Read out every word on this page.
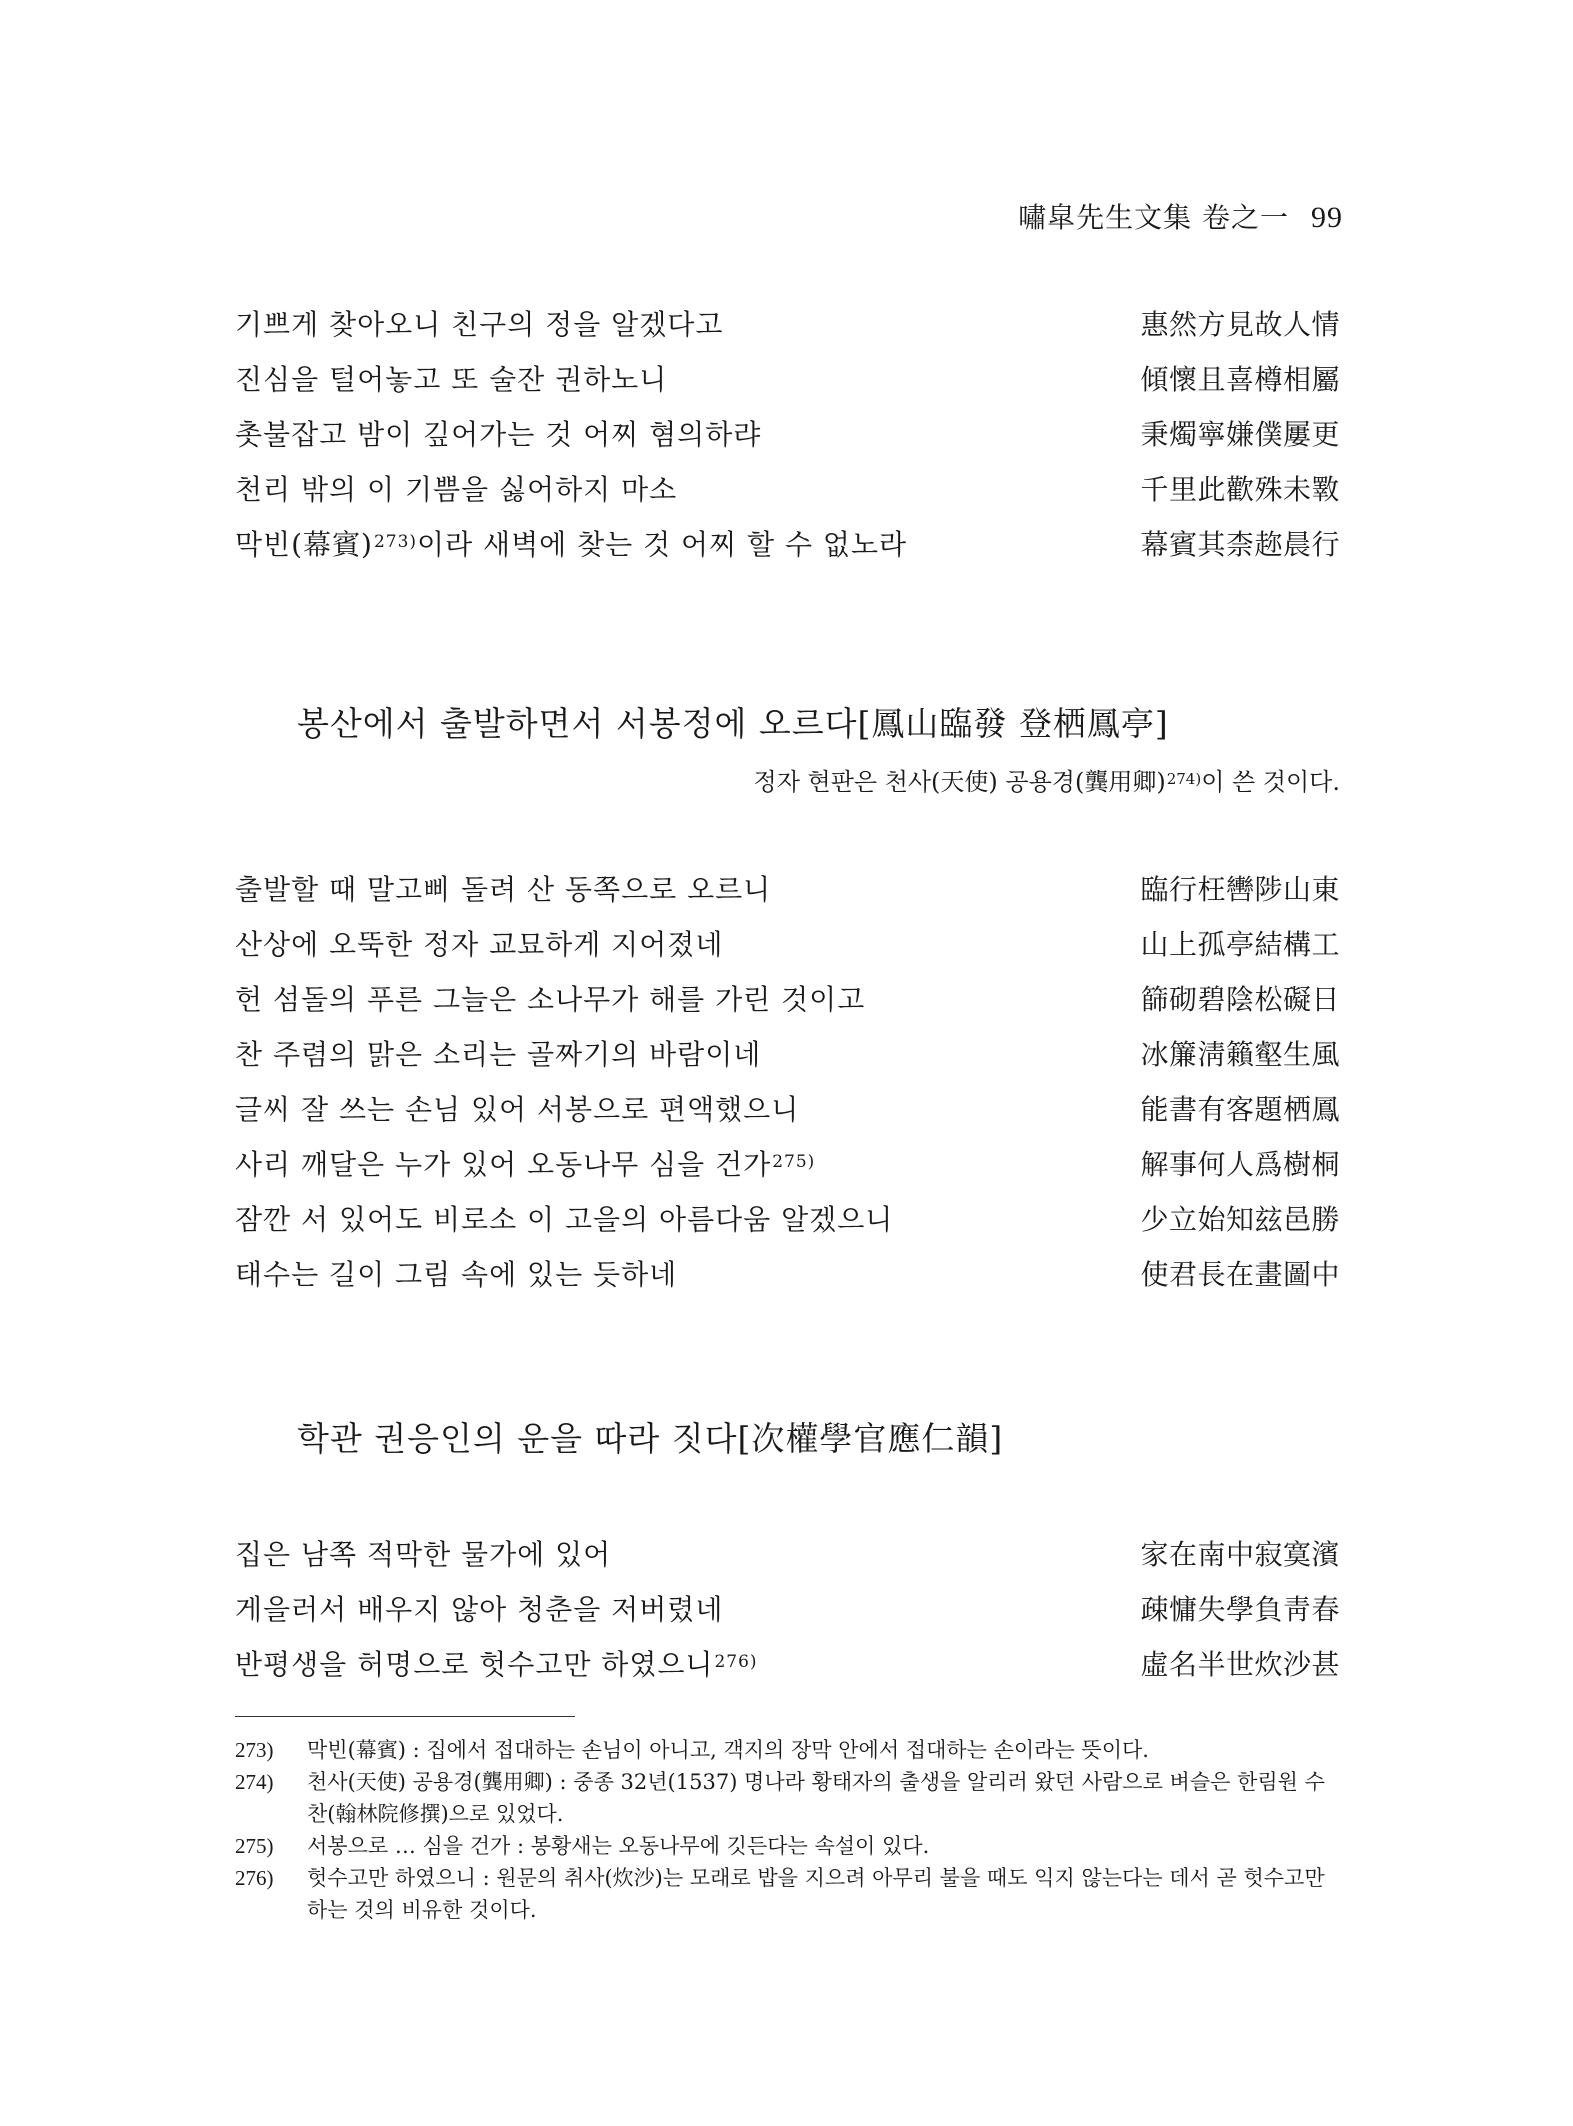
嘯皐先生文集 卷之一 99
기쁘게 찾아오니 친구의 정을 알겠다고	惠然方見故人情
진심을 털어놓고 또 술잔 권하노니	傾懷且喜樽相屬
촛불잡고 밤이 깊어가는 것 어찌 혐의하랴	秉燭寧嫌僕屢更
천리 밖의 이 기쁨을 싫어하지 마소	千里此歡殊未斁
막빈(幕賓)$^{273)}$이라 새벽에 찾는 것 어찌 할 수 없노라	幕賓其柰趂晨行
봉산에서 출발하면서 서봉정에 오르다[鳳山臨發 登栖鳳亭]
정자 현판은 천사(天使) 공용경(龔用卿)$^{274)}$이 쓴 것이다.
출발할 때 말고삐 돌려 산 동쪽으로 오르니	臨行枉轡陟山東
산상에 오뚝한 정자 교묘하게 지어졌네	山上孤亭結構工
헌 섬돌의 푸른 그늘은 소나무가 해를 가린 것이고	篩砌碧陰松礙日
찬 주렴의 맑은 소리는 골짜기의 바람이네	冰簾淸籟壑生風
글씨 잘 쓰는 손님 있어 서봉으로 편액했으니	能書有客題栖鳳
사리 깨달은 누가 있어 오동나무 심을 건가$^{275)}$	解事何人爲樹桐
잠깐 서 있어도 비로소 이 고을의 아름다움 알겠으니	少立始知玆邑勝
태수는 길이 그림 속에 있는 듯하네	使君長在畫圖中
학관 권응인의 운을 따라 짓다[次權學官應仁韻]
집은 남쪽 적막한 물가에 있어	家在南中寂寞濱
게을러서 배우지 않아 청춘을 저버렸네	疎慵失學負靑春
반평생을 허명으로 헛수고만 하였으니$^{276)}$	虛名半世炊沙甚
273)	막빈(幕賓) : 집에서 접대하는 손님이 아니고, 객지의 장막 안에서 접대하는 손이라는 뜻이다.
274)	천사(天使) 공용경(龔用卿) : 중종 32년(1537) 명나라 황태자의 출생을 알리러 왔던 사람으로 벼슬은 한림원 수찬(翰林院修撰)으로 있었다.
275)	서봉으로 … 심을 건가 : 봉황새는 오동나무에 깃든다는 속설이 있다.
276)	헛수고만 하였으니 : 원문의 취사(炊沙)는 모래로 밥을 지으려 아무리 불을 때도 익지 않는다는 데서 곧 헛수고만 하는 것의 비유한 것이다.
